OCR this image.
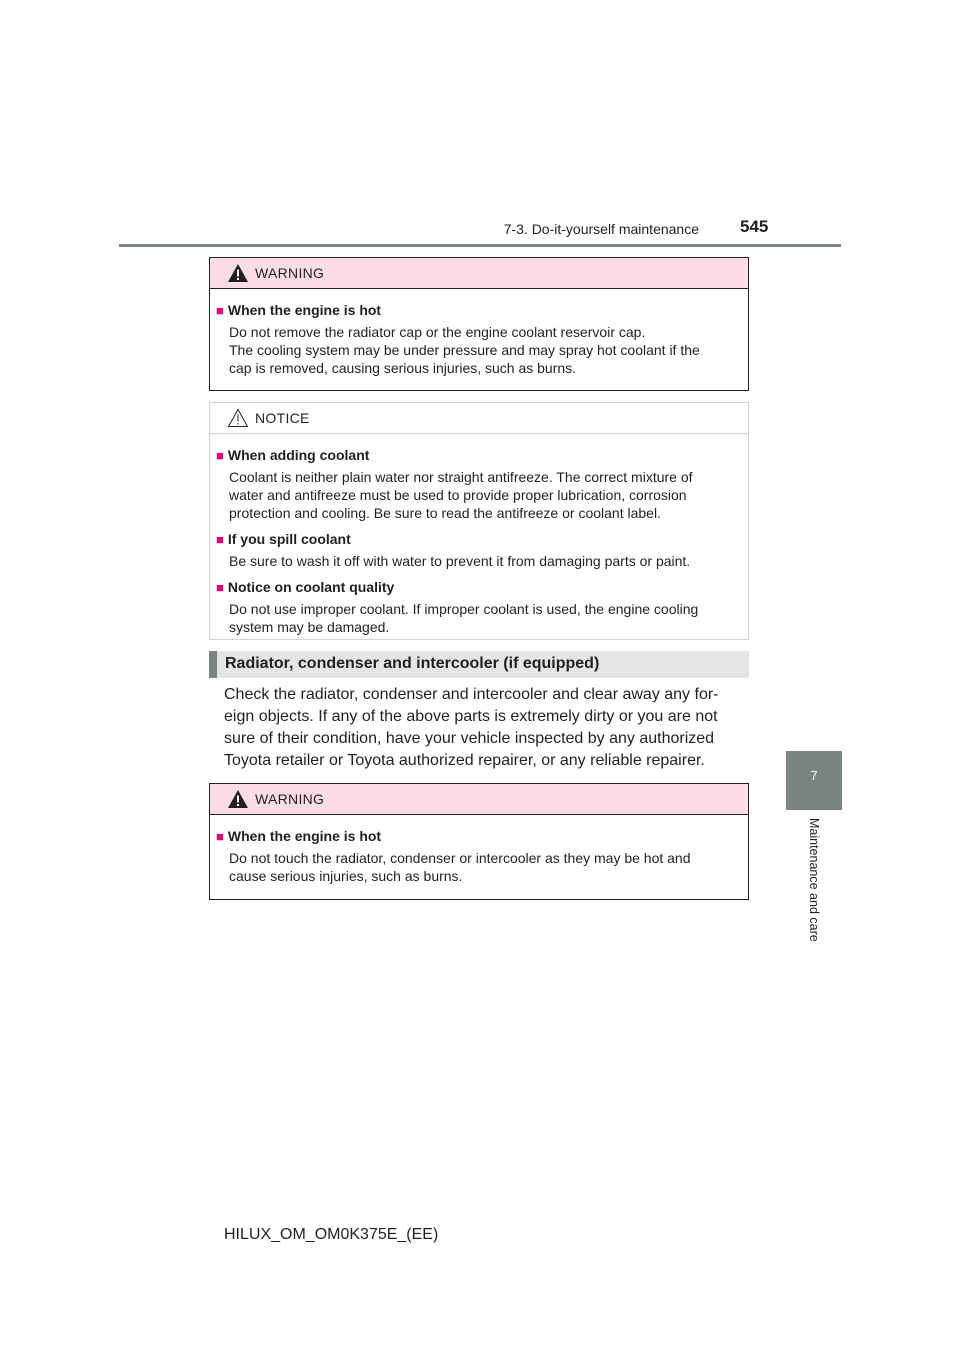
7-3. Do-it-yourself maintenance 545
7
Maintenance and care
WARNING
■ When the engine is hot
Do not remove the radiator cap or the engine coolant reservoir cap.
The cooling system may be under pressure and may spray hot coolant if the
cap is removed, causing serious injuries, such as burns.
NOTICE
■ When adding coolant
Coolant is neither plain water nor straight antifreeze. The correct mixture of
water and antifreeze must be used to provide proper lubrication, corrosion
protection and cooling. Be sure to read the antifreeze or coolant label.
■ If you spill coolant
Be sure to wash it off with water to prevent it from damaging parts or paint.
■ Notice on coolant quality
Do not use improper coolant. If improper coolant is used, the engine cooling
system may be damaged.
Radiator, condenser and intercooler (if equipped)
Check the radiator, condenser and intercooler and clear away any for-
eign objects. If any of the above parts is extremely dirty or you are not
sure of their condition, have your vehicle inspected by any authorized
Toyota retailer or Toyota authorized repairer, or any reliable repairer.
WARNING
■ When the engine is hot
Do not touch the radiator, condenser or intercooler as they may be hot and
cause serious injuries, such as burns.
HILUX_OM_OM0K375E_(EE)
